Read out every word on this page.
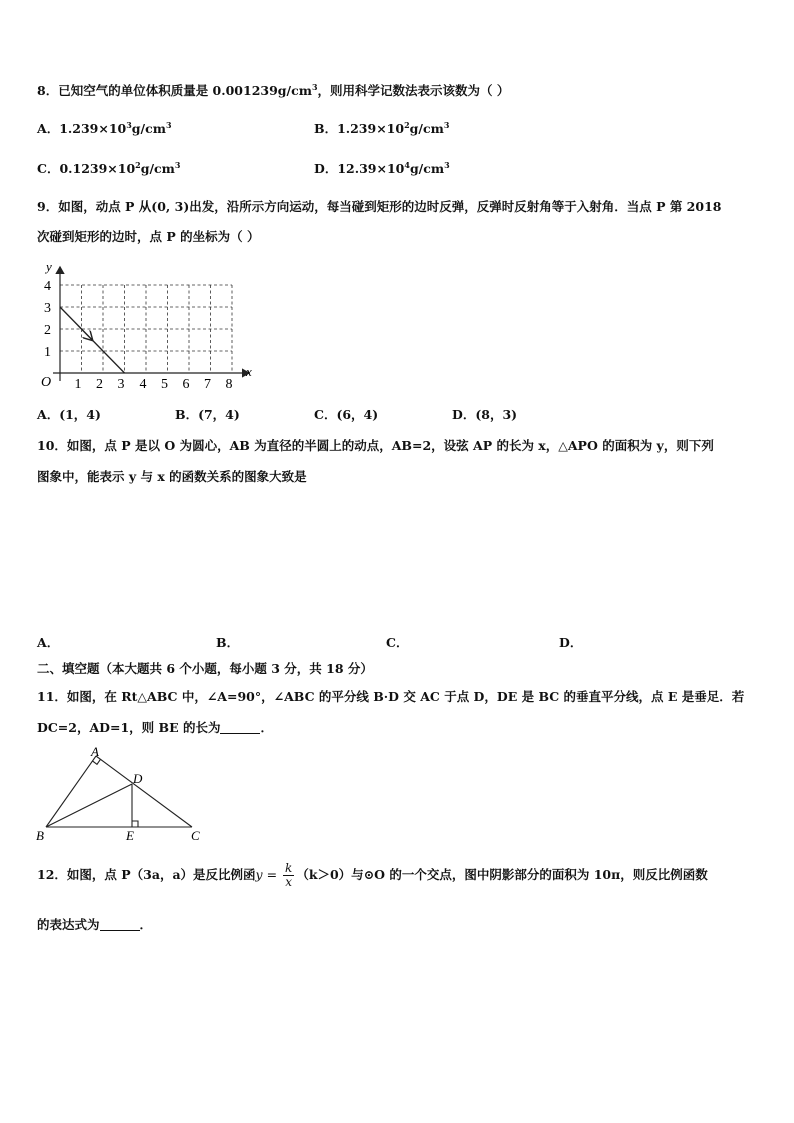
8．已知空气的单位体积质量是 $0.001239g/cm^3$，则用科学记数法表示该数为（ ）
A．$1.239\times 10^3g/cm^3$	B．$1.239\times 10^2g/cm^3$
C．$0.1239\times 10^2g/cm^3$	D．$12.39\times 10^4g/cm^3$
9．如图，动点 P 从(0, 3)出发，沿所示方向运动，每当碰到矩形的边时反弹，反弹时反射角等于入射角．当点 P 第 2018
次碰到矩形的边时，点 P 的坐标为（ ）
y
x
O
1
2
3
4
1 2 3 4 5 6 7 8
A．(1，4)	B．(7，4)	C．(6，4)	D．(8，3)
10．如图，点 P 是以 O 为圆心，AB 为直径的半圆上的动点，AB=2，设弦 AP 的长为 x，△APO 的面积为 y，则下列
图象中，能表示 y 与 x 的函数关系的图象大致是
A．	B．	C．	D．
二、填空题（本大题共 6 个小题，每小题 3 分，共 18 分）
11．如图，在 Rt△ABC 中，∠A=90°，∠ABC 的平分线 B·D 交 AC 于点 D，DE 是 BC 的垂直平分线，点 E 是垂足．若
DC=2，AD=1，则 BE 的长为	．
A
D
B	E	C
12．如图，点 P（3a，a）是反比例函$y = \frac{k}{x} (k>0)$与⊙O 的一个交点，图中阴影部分的面积为 10π，则反比例函数
的表达式为	．
